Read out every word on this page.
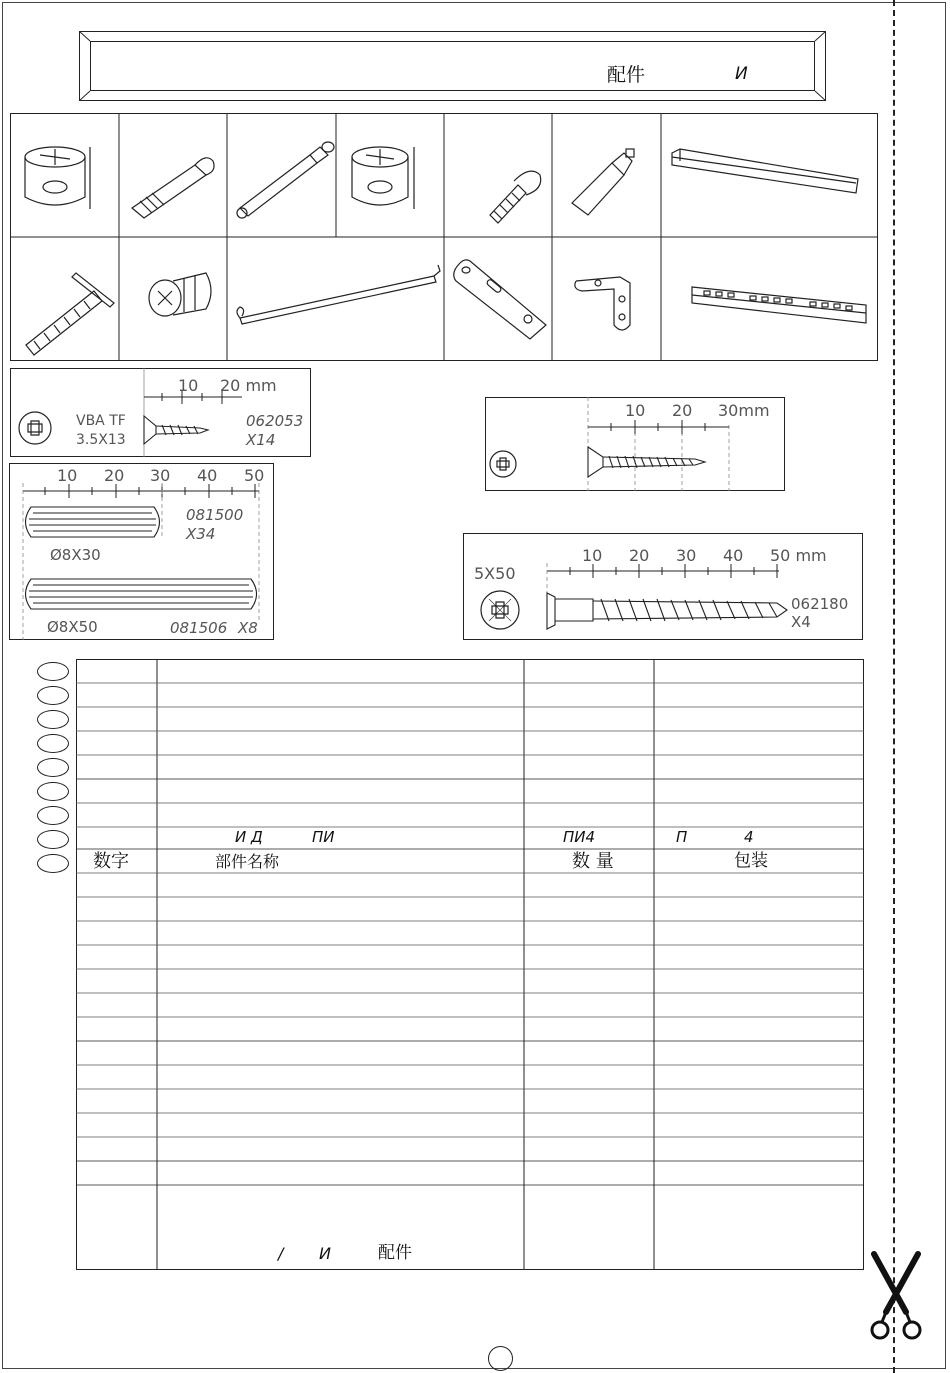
配件	И
10 20 mm
VBA TF
3.5X13
062053
X14
10 20 30mm
10 20 30 40 50
081500
X34
Ø8X30
Ø8X50	081506 X8
10 20 30 40 50 mm
5X50
062180
X4
И Д	ПИ	ПИ4	П	4
数字	部件名称	数 量	包装
/ И	配件
